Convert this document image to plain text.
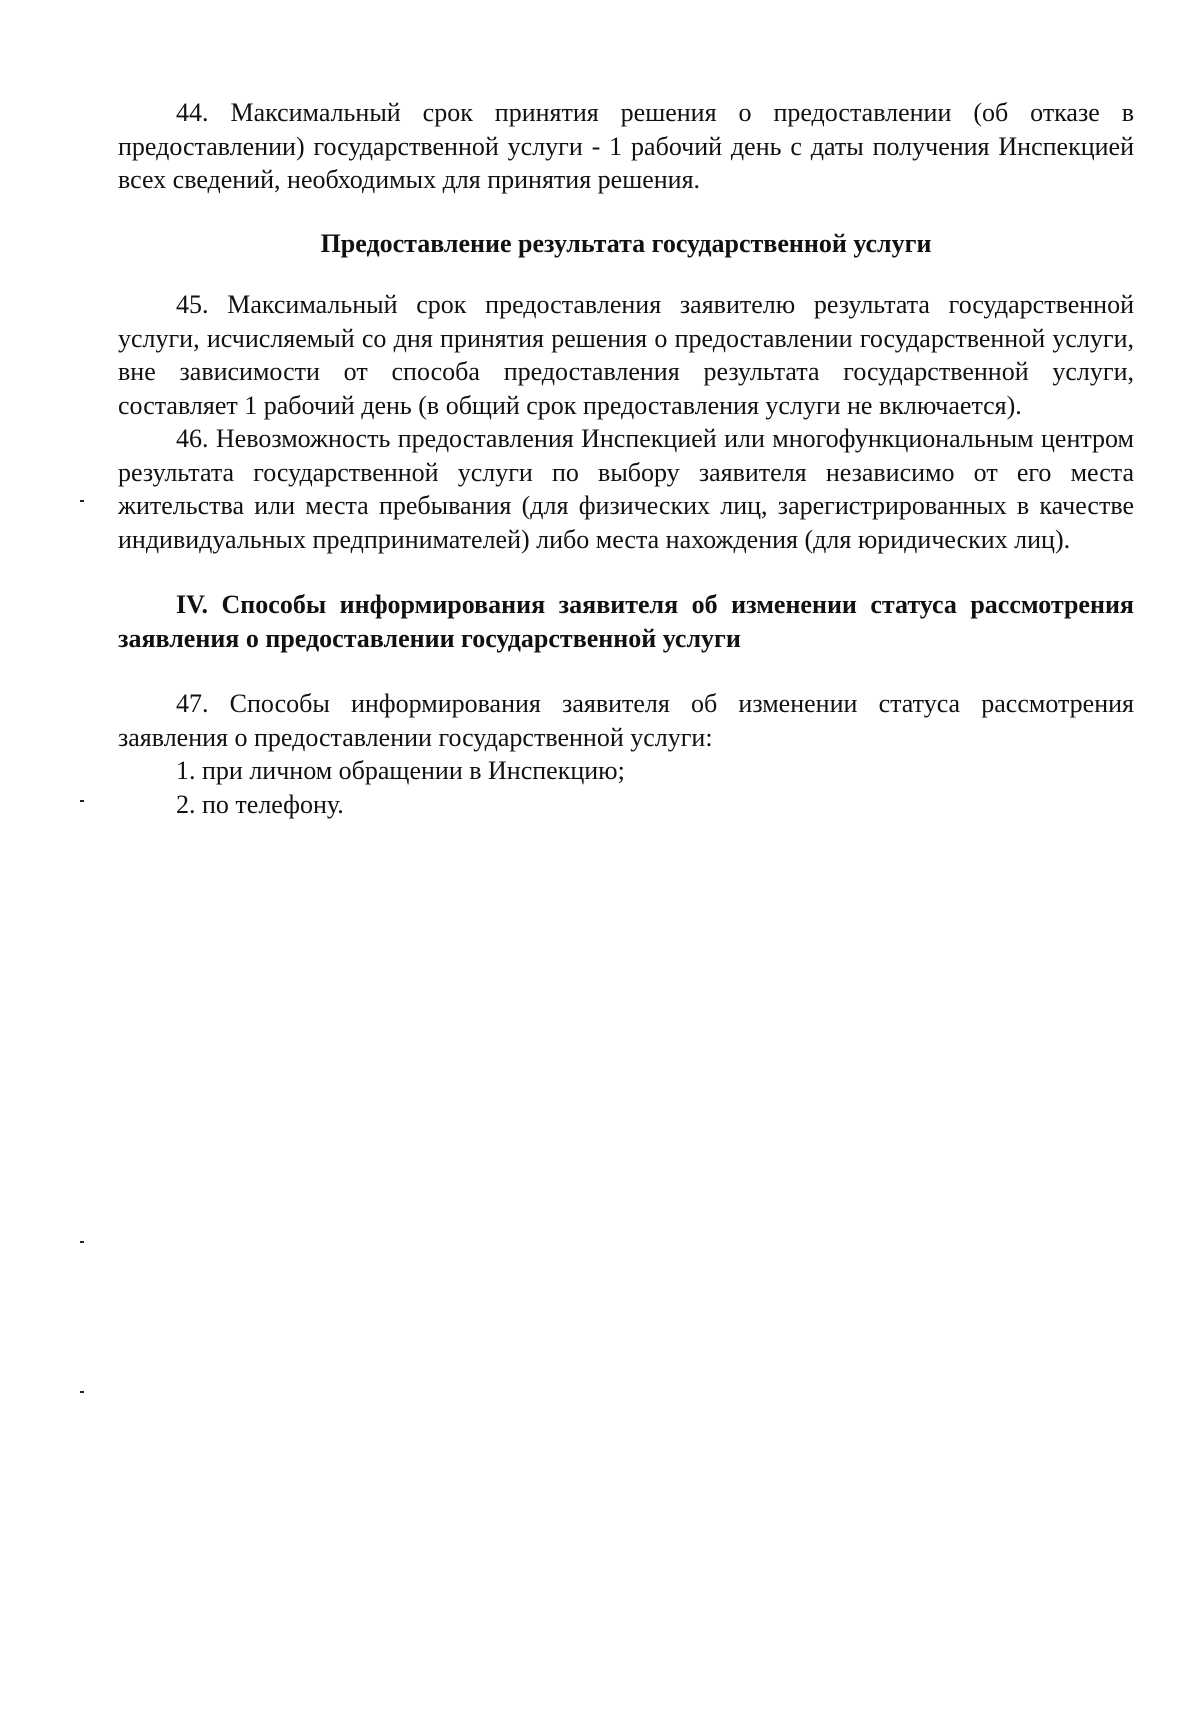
44. Максимальный срок принятия решения о предоставлении (об отказе в предоставлении) государственной услуги - 1 рабочий день с даты получения Инспекцией всех сведений, необходимых для принятия решения.

Предоставление результата государственной услуги

45. Максимальный срок предоставления заявителю результата государственной услуги, исчисляемый со дня принятия решения о предоставлении государственной услуги, вне зависимости от способа предоставления результата государственной услуги, составляет 1 рабочий день (в общий срок предоставления услуги не включается).

46. Невозможность предоставления Инспекцией или многофункциональным центром результата государственной услуги по выбору заявителя независимо от его места жительства или места пребывания (для физических лиц, зарегистрированных в качестве индивидуальных предпринимателей) либо места нахождения (для юридических лиц).

IV. Способы информирования заявителя об изменении статуса рассмотрения заявления о предоставлении государственной услуги

47. Способы информирования заявителя об изменении статуса рассмотрения заявления о предоставлении государственной услуги:

1. при личном обращении в Инспекцию;

2. по телефону.
